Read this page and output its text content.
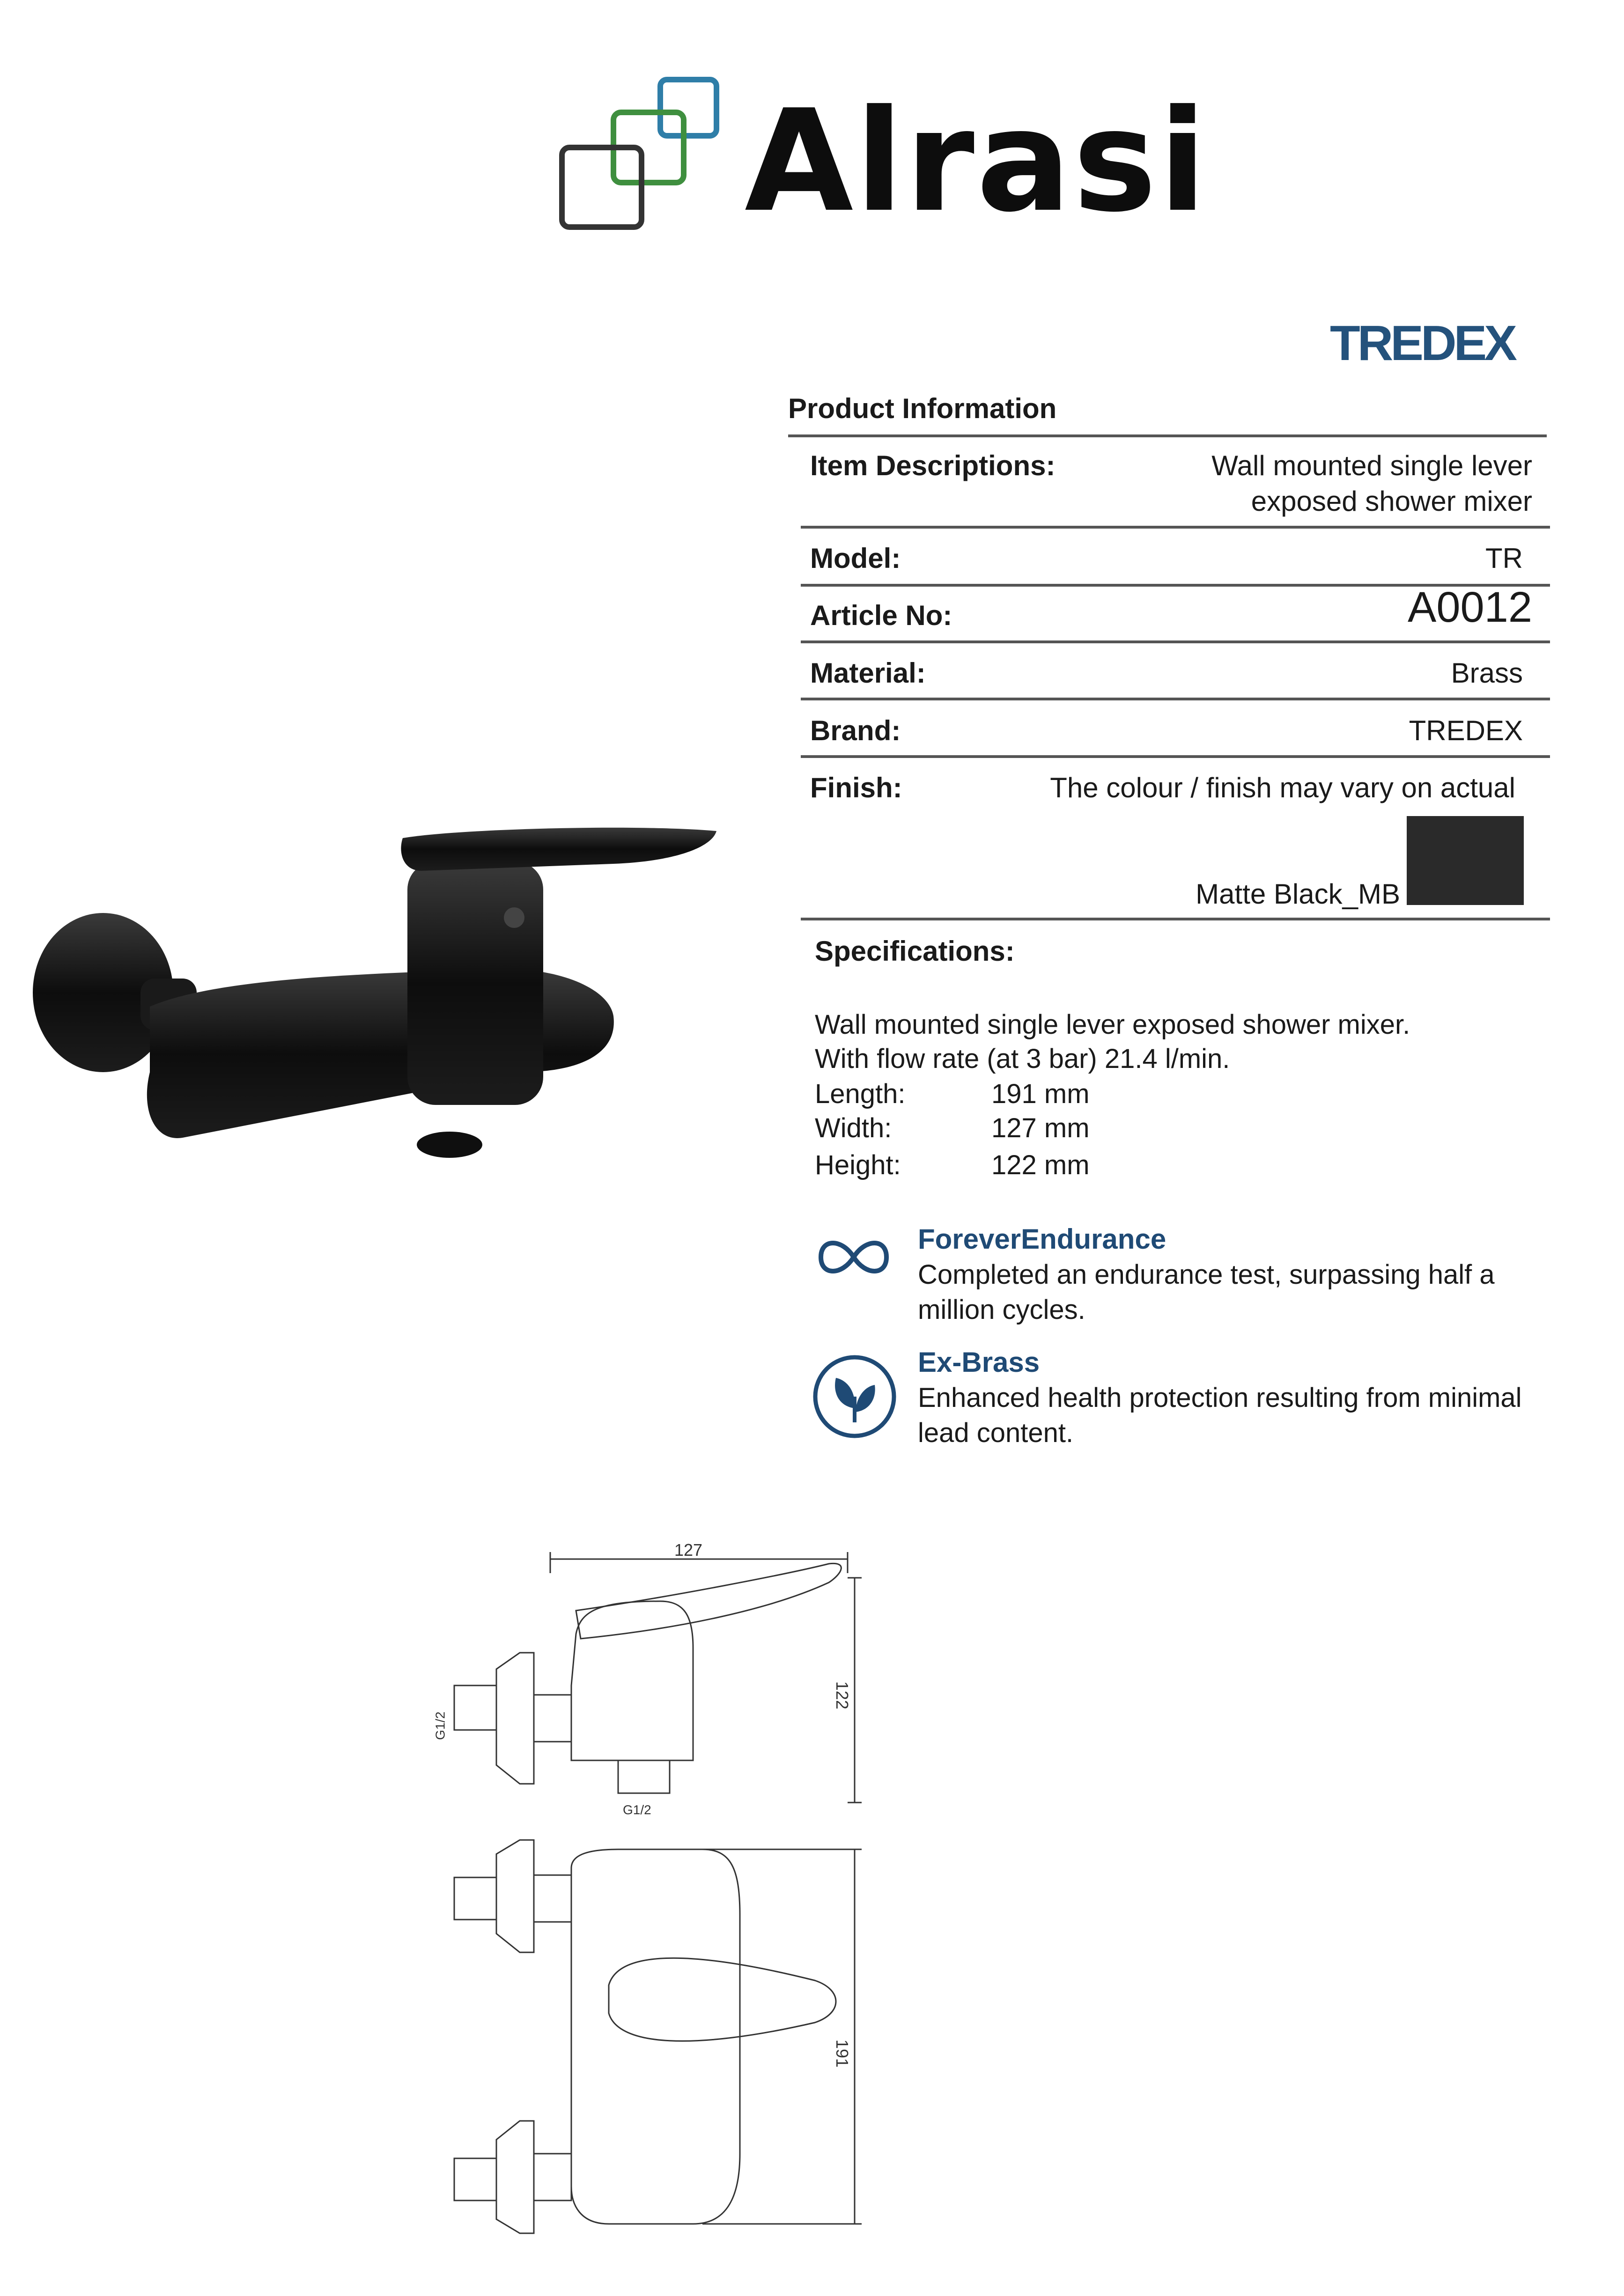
Alrasi
TREDEX
Product Information
Item Descriptions:	Wall mounted single lever
exposed shower mixer
Model:	TR
Article No:	A0012
Material:	Brass
Brand:	TREDEX
Finish:	The colour / finish may vary on actual
Matte Black_MB
Specifications:
Wall mounted single lever exposed shower mixer.
With flow rate (at 3 bar) 21.4 l/min.
Length:	191 mm
Width:	127 mm
Height:	122 mm
ForeverEndurance
Completed an endurance test, surpassing half a million cycles.
Ex-Brass
Enhanced health protection resulting from minimal lead content.
127
122
191
G1/2
G1/2
